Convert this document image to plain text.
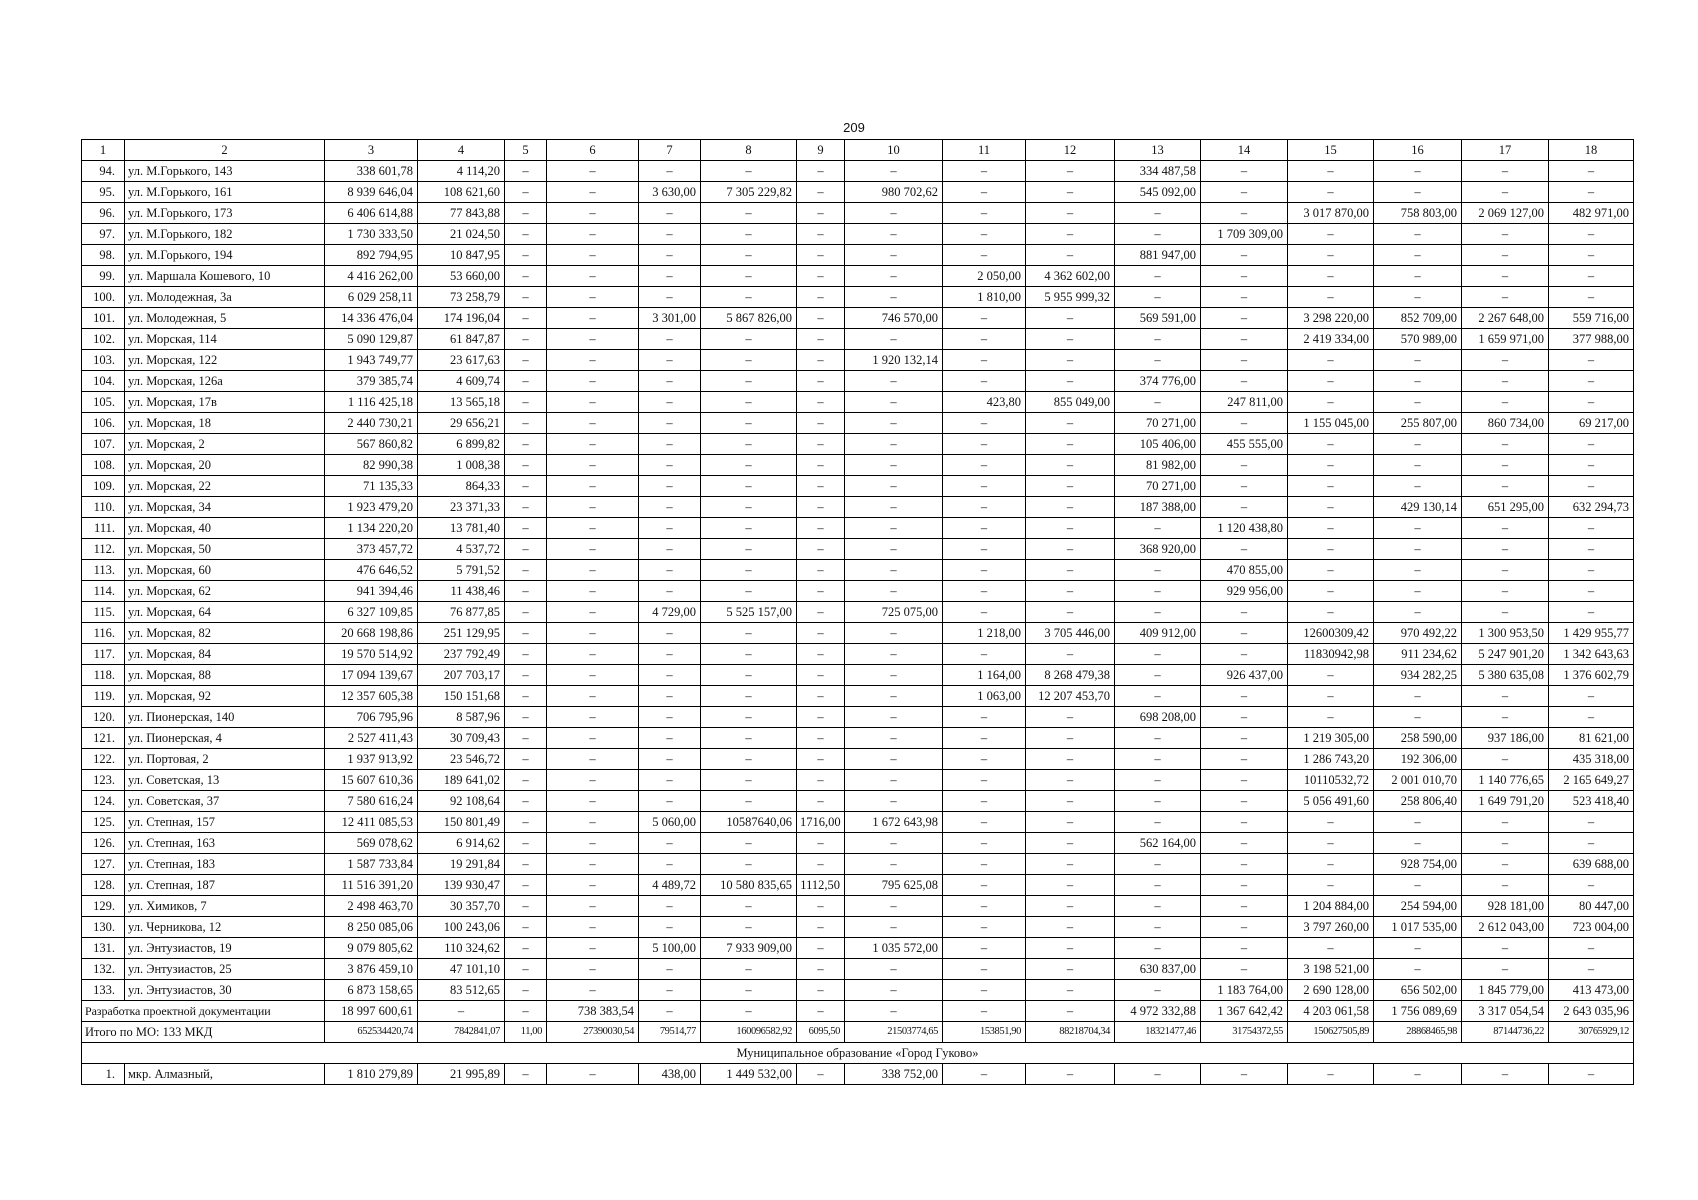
209
1	2	3	4	5	6	7	8	9	10	11	12	13	14	15	16	17	18
94.	ул. М.Горького, 143	338 601,78	4 114,20	–	–	–	–	–	–	–	–	334 487,58	–	–	–	–	–
95.	ул. М.Горького, 161	8 939 646,04	108 621,60	–	–	3 630,00	7 305 229,82	–	980 702,62	–	–	545 092,00	–	–	–	–	–
96.	ул. М.Горького, 173	6 406 614,88	77 843,88	–	–	–	–	–	–	–	–	–	–	3 017 870,00	758 803,00	2 069 127,00	482 971,00
97.	ул. М.Горького, 182	1 730 333,50	21 024,50	–	–	–	–	–	–	–	–	–	1 709 309,00	–	–	–	–
98.	ул. М.Горького, 194	892 794,95	10 847,95	–	–	–	–	–	–	–	–	881 947,00	–	–	–	–	–
99.	ул. Маршала Кошевого, 10	4 416 262,00	53 660,00	–	–	–	–	–	–	2 050,00	4 362 602,00	–	–	–	–	–	–
100.	ул. Молодежная, 3а	6 029 258,11	73 258,79	–	–	–	–	–	–	1 810,00	5 955 999,32	–	–	–	–	–	–
101.	ул. Молодежная, 5	14 336 476,04	174 196,04	–	–	3 301,00	5 867 826,00	–	746 570,00	–	–	569 591,00	–	3 298 220,00	852 709,00	2 267 648,00	559 716,00
102.	ул. Морская, 114	5 090 129,87	61 847,87	–	–	–	–	–	–	–	–	–	–	2 419 334,00	570 989,00	1 659 971,00	377 988,00
103.	ул. Морская, 122	1 943 749,77	23 617,63	–	–	–	–	–	1 920 132,14	–	–	–	–	–	–	–	–
104.	ул. Морская, 126а	379 385,74	4 609,74	–	–	–	–	–	–	–	–	374 776,00	–	–	–	–	–
105.	ул. Морская, 17в	1 116 425,18	13 565,18	–	–	–	–	–	–	423,80	855 049,00	–	247 811,00	–	–	–	–
106.	ул. Морская, 18	2 440 730,21	29 656,21	–	–	–	–	–	–	–	–	70 271,00	–	1 155 045,00	255 807,00	860 734,00	69 217,00
107.	ул. Морская, 2	567 860,82	6 899,82	–	–	–	–	–	–	–	–	105 406,00	455 555,00	–	–	–	–
108.	ул. Морская, 20	82 990,38	1 008,38	–	–	–	–	–	–	–	–	81 982,00	–	–	–	–	–
109.	ул. Морская, 22	71 135,33	864,33	–	–	–	–	–	–	–	–	70 271,00	–	–	–	–	–
110.	ул. Морская, 34	1 923 479,20	23 371,33	–	–	–	–	–	–	–	–	187 388,00	–	–	429 130,14	651 295,00	632 294,73
111.	ул. Морская, 40	1 134 220,20	13 781,40	–	–	–	–	–	–	–	–	–	1 120 438,80	–	–	–	–
112.	ул. Морская, 50	373 457,72	4 537,72	–	–	–	–	–	–	–	–	368 920,00	–	–	–	–	–
113.	ул. Морская, 60	476 646,52	5 791,52	–	–	–	–	–	–	–	–	–	470 855,00	–	–	–	–
114.	ул. Морская, 62	941 394,46	11 438,46	–	–	–	–	–	–	–	–	–	929 956,00	–	–	–	–
115.	ул. Морская, 64	6 327 109,85	76 877,85	–	–	4 729,00	5 525 157,00	–	725 075,00	–	–	–	–	–	–	–	–
116.	ул. Морская, 82	20 668 198,86	251 129,95	–	–	–	–	–	–	1 218,00	3 705 446,00	409 912,00	–	12600309,42	970 492,22	1 300 953,50	1 429 955,77
117.	ул. Морская, 84	19 570 514,92	237 792,49	–	–	–	–	–	–	–	–	–	–	11830942,98	911 234,62	5 247 901,20	1 342 643,63
118.	ул. Морская, 88	17 094 139,67	207 703,17	–	–	–	–	–	–	1 164,00	8 268 479,38	–	926 437,00	–	934 282,25	5 380 635,08	1 376 602,79
119.	ул. Морская, 92	12 357 605,38	150 151,68	–	–	–	–	–	–	1 063,00	12 207 453,70	–	–	–	–	–	–
120.	ул. Пионерская, 140	706 795,96	8 587,96	–	–	–	–	–	–	–	–	698 208,00	–	–	–	–	–
121.	ул. Пионерская, 4	2 527 411,43	30 709,43	–	–	–	–	–	–	–	–	–	–	1 219 305,00	258 590,00	937 186,00	81 621,00
122.	ул. Портовая, 2	1 937 913,92	23 546,72	–	–	–	–	–	–	–	–	–	–	1 286 743,20	192 306,00	–	435 318,00
123.	ул. Советская, 13	15 607 610,36	189 641,02	–	–	–	–	–	–	–	–	–	–	10110532,72	2 001 010,70	1 140 776,65	2 165 649,27
124.	ул. Советская, 37	7 580 616,24	92 108,64	–	–	–	–	–	–	–	–	–	–	5 056 491,60	258 806,40	1 649 791,20	523 418,40
125.	ул. Степная, 157	12 411 085,53	150 801,49	–	–	5 060,00	10587640,06	1716,00	1 672 643,98	–	–	–	–	–	–	–	–
126.	ул. Степная, 163	569 078,62	6 914,62	–	–	–	–	–	–	–	–	562 164,00	–	–	–	–	–
127.	ул. Степная, 183	1 587 733,84	19 291,84	–	–	–	–	–	–	–	–	–	–	–	928 754,00	–	639 688,00
128.	ул. Степная, 187	11 516 391,20	139 930,47	–	–	4 489,72	10 580 835,65	1112,50	795 625,08	–	–	–	–	–	–	–	–
129.	ул. Химиков, 7	2 498 463,70	30 357,70	–	–	–	–	–	–	–	–	–	–	1 204 884,00	254 594,00	928 181,00	80 447,00
130.	ул. Черникова, 12	8 250 085,06	100 243,06	–	–	–	–	–	–	–	–	–	–	3 797 260,00	1 017 535,00	2 612 043,00	723 004,00
131.	ул. Энтузиастов, 19	9 079 805,62	110 324,62	–	–	5 100,00	7 933 909,00	–	1 035 572,00	–	–	–	–	–	–	–	–
132.	ул. Энтузиастов, 25	3 876 459,10	47 101,10	–	–	–	–	–	–	–	–	630 837,00	–	3 198 521,00	–	–	–
133.	ул. Энтузиастов, 30	6 873 158,65	83 512,65	–	–	–	–	–	–	–	–	–	1 183 764,00	2 690 128,00	656 502,00	1 845 779,00	413 473,00
Разработка проектной документации		18 997 600,61	–	–	738 383,54	–	–	–	–	–	–	4 972 332,88	1 367 642,42	4 203 061,58	1 756 089,69	3 317 054,54	2 643 035,96
Итого по МО: 133 МКД		652534420,74	7842841,07	11,00	27390030,54	79514,77	160096582,92	6095,50	21503774,65	153851,90	88218704,34	18321477,46	31754372,55	150627505,89	28868465,98	87144736,22	30765929,12
Муниципальное образование «Город Гуково»																	
1.	мкр. Алмазный,	1 810 279,89	21 995,89	–	–	438,00	1 449 532,00	–	338 752,00	–	–	–	–	–	–	–	–
